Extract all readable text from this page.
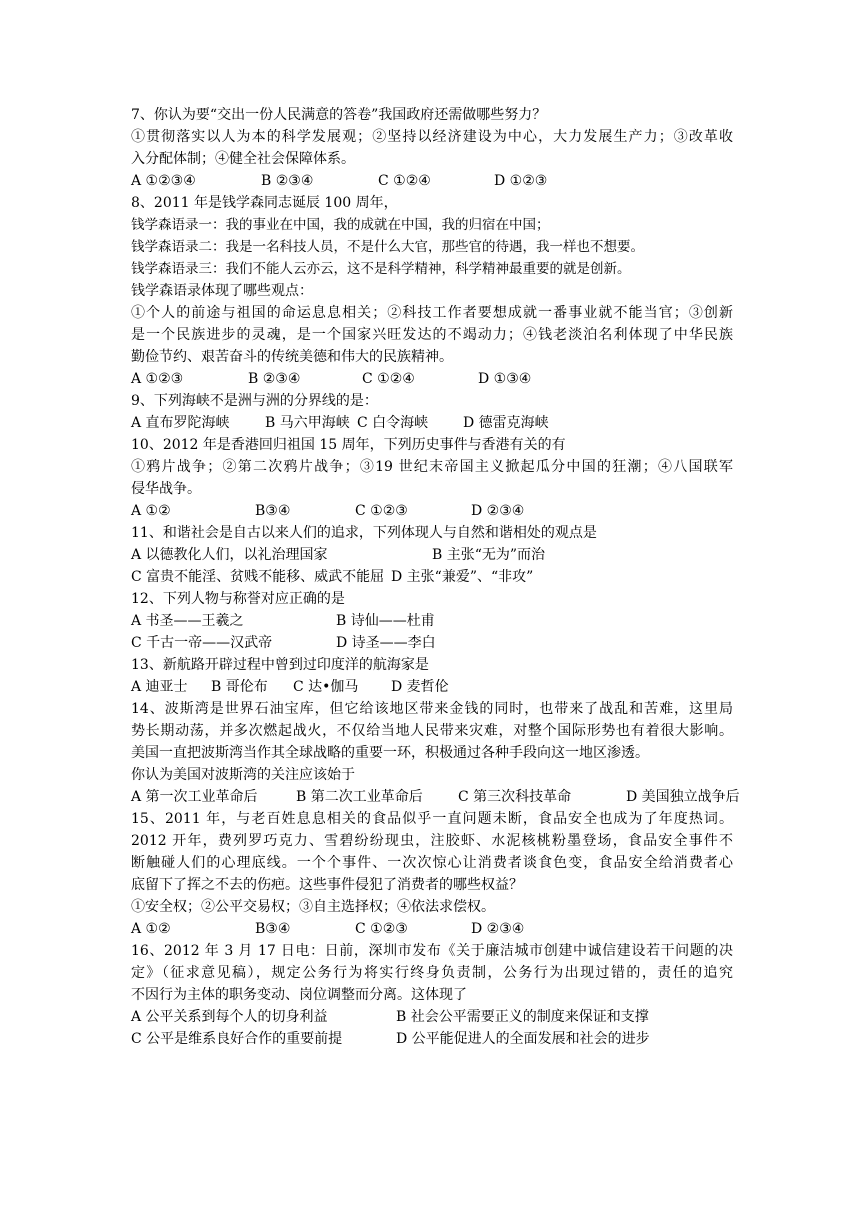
7、你认为要“交出一份人民满意的答卷”我国政府还需做哪些努力？
①贯彻落实以人为本的科学发展观；②坚持以经济建设为中心，大力发展生产力；③改革收
入分配体制；④健全社会保障体系。
A ①②③④	B ②③④	C ①②④	D ①②③
8、2011 年是钱学森同志诞辰 100 周年，
钱学森语录一：我的事业在中国，我的成就在中国，我的归宿在中国；
钱学森语录二：我是一名科技人员，不是什么大官，那些官的待遇，我一样也不想要。
钱学森语录三：我们不能人云亦云，这不是科学精神，科学精神最重要的就是创新。
钱学森语录体现了哪些观点：
①个人的前途与祖国的命运息息相关；②科技工作者要想成就一番事业就不能当官；③创新
是一个民族进步的灵魂，是一个国家兴旺发达的不竭动力；④钱老淡泊名利体现了中华民族
勤俭节约、艰苦奋斗的传统美德和伟大的民族精神。
A ①②③	B ②③④	C ①②④	D ①③④
9、下列海峡不是洲与洲的分界线的是：
A 直布罗陀海峡	B 马六甲海峡 C 白令海峡 D 德雷克海峡
10、2012 年是香港回归祖国 15 周年，下列历史事件与香港有关的有
①鸦片战争；②第二次鸦片战争；③19 世纪末帝国主义掀起瓜分中国的狂潮；④八国联军
侵华战争。
A ①②	B③④	C ①②③	D ②③④
11、和谐社会是自古以来人们的追求，下列体现人与自然和谐相处的观点是
A 以德教化人们，以礼治理国家	B 主张“无为”而治
C 富贵不能淫、贫贱不能移、威武不能屈 D 主张“兼爱”、“非攻”
12、下列人物与称誉对应正确的是
A 书圣——王羲之	B 诗仙——杜甫
C 千古一帝——汉武帝	D 诗圣——李白
13、新航路开辟过程中曾到过印度洋的航海家是
A 迪亚士 B 哥伦布 C 达•伽马 D 麦哲伦
14、波斯湾是世界石油宝库，但它给该地区带来金钱的同时，也带来了战乱和苦难，这里局
势长期动荡，并多次燃起战火，不仅给当地人民带来灾难，对整个国际形势也有着很大影响。
美国一直把波斯湾当作其全球战略的重要一环，积极通过各种手段向这一地区渗透。
你认为美国对波斯湾的关注应该始于
A 第一次工业革命后	B 第二次工业革命后	C 第三次科技革命	D 美国独立战争后
15、2011 年，与老百姓息息相关的食品似乎一直问题未断，食品安全也成为了年度热词。
2012 开年，费列罗巧克力、雪碧纷纷现虫，注胶虾、水泥核桃粉墨登场，食品安全事件不
断触碰人们的心理底线。一个个事件、一次次惊心让消费者谈食色变，食品安全给消费者心
底留下了挥之不去的伤疤。这些事件侵犯了消费者的哪些权益？
①安全权；②公平交易权；③自主选择权；④依法求偿权。
A ①②	B③④	C ①②③	D ②③④
16、2012 年 3 月 17 日电：日前，深圳市发布《关于廉洁城市创建中诚信建设若干问题的决
定》（征求意见稿），规定公务行为将实行终身负责制，公务行为出现过错的，责任的追究
不因行为主体的职务变动、岗位调整而分离。这体现了
A 公平关系到每个人的切身利益	B 社会公平需要正义的制度来保证和支撑
C 公平是维系良好合作的重要前提	D 公平能促进人的全面发展和社会的进步
